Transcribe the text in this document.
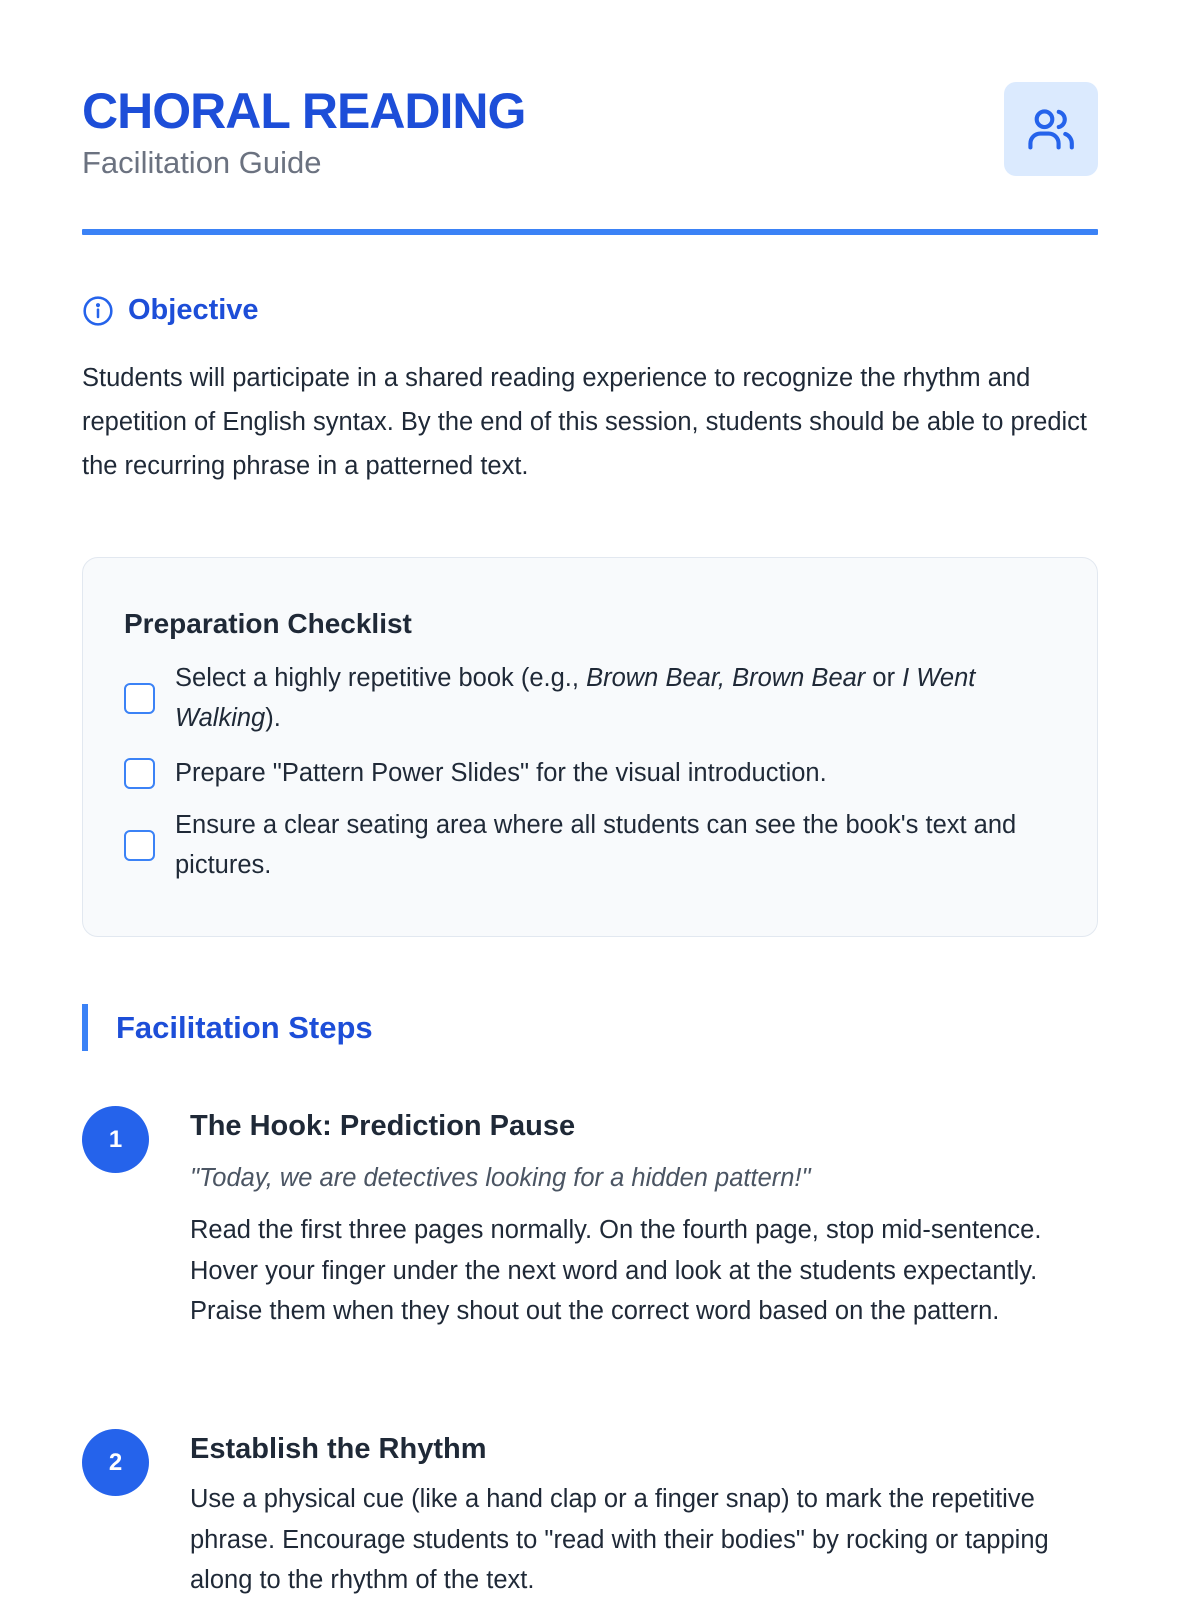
CHORAL READING
Facilitation Guide
Objective

Students will participate in a shared reading experience to recognize the rhythm and repetition of English syntax. By the end of this session, students should be able to predict the recurring phrase in a patterned text.

Preparation Checklist
Select a highly repetitive book (e.g., Brown Bear, Brown Bear or I Went Walking).
Prepare "Pattern Power Slides" for the visual introduction.
Ensure a clear seating area where all students can see the book's text and pictures.
Facilitation Steps
1	The Hook: Prediction Pause
"Today, we are detectives looking for a hidden pattern!"
Read the first three pages normally. On the fourth page, stop mid-sentence. Hover your finger under the next word and look at the students expectantly. Praise them when they shout out the correct word based on the pattern.
2	Establish the Rhythm
Use a physical cue (like a hand clap or a finger snap) to mark the repetitive phrase. Encourage students to "read with their bodies" by rocking or tapping along to the rhythm of the text.
